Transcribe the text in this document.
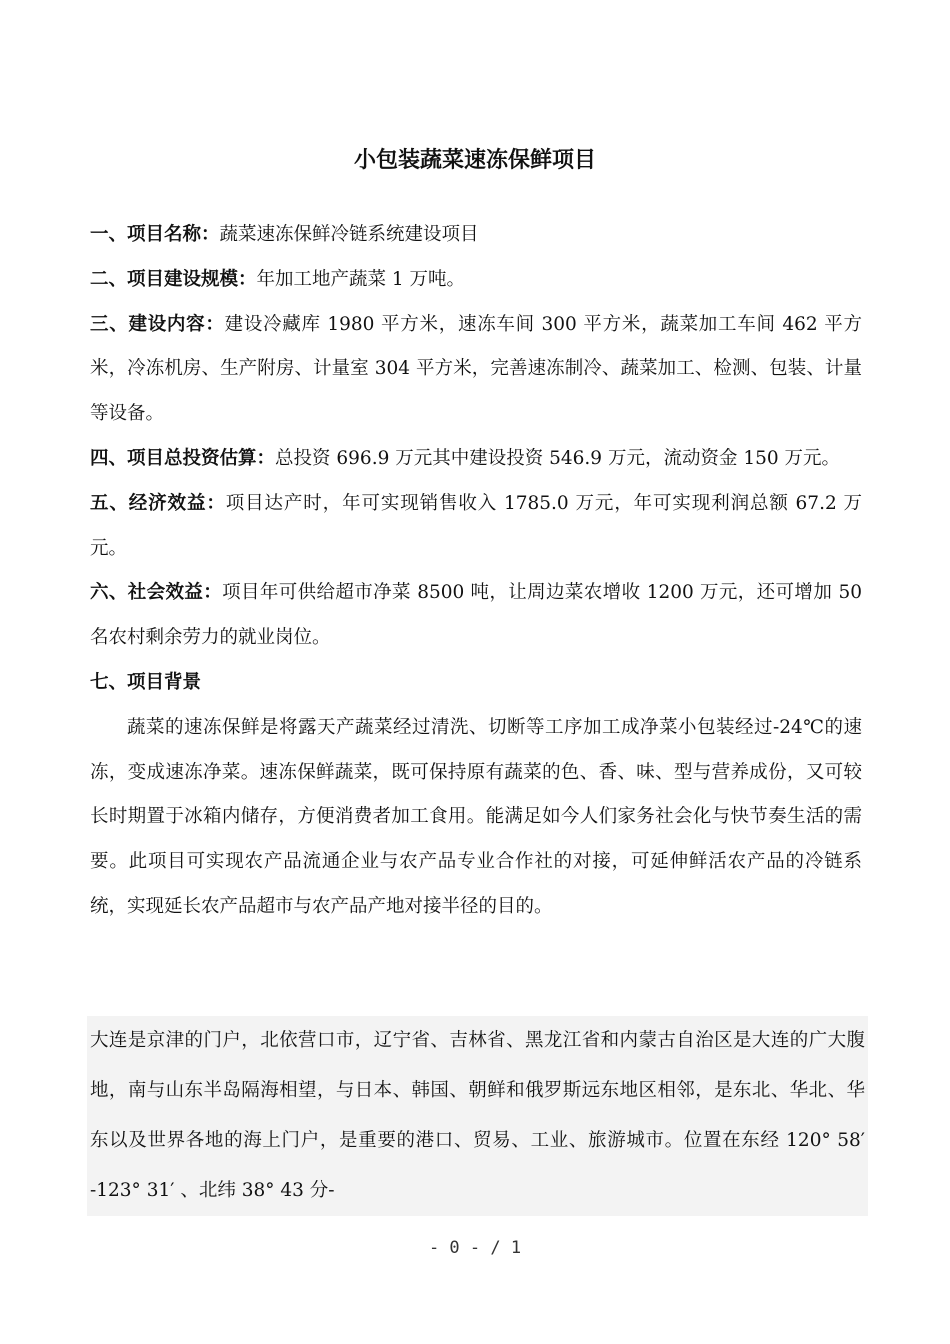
小包装蔬菜速冻保鲜项目

一、项目名称：蔬菜速冻保鲜冷链系统建设项目

二、项目建设规模：年加工地产蔬菜 1 万吨。

三、建设内容：建设冷藏库 1980 平方米，速冻车间 300 平方米，蔬菜加工车间 462 平方米，冷冻机房、生产附房、计量室 304 平方米，完善速冻制冷、蔬菜加工、检测、包装、计量等设备。

四、项目总投资估算：总投资 696.9 万元其中建设投资 546.9 万元，流动资金 150 万元。

五、经济效益：项目达产时，年可实现销售收入 1785.0 万元，年可实现利润总额 67.2 万元。

六、社会效益：项目年可供给超市净菜 8500 吨，让周边菜农增收 1200 万元，还可增加 50 名农村剩余劳力的就业岗位。

七、项目背景

蔬菜的速冻保鲜是将露天产蔬菜经过清洗、切断等工序加工成净菜小包装经过-24℃的速冻，变成速冻净菜。速冻保鲜蔬菜，既可保持原有蔬菜的色、香、味、型与营养成份，又可较长时期置于冰箱内储存，方便消费者加工食用。能满足如今人们家务社会化与快节奏生活的需要。此项目可实现农产品流通企业与农产品专业合作社的对接，可延伸鲜活农产品的冷链系统，实现延长农产品超市与农产品产地对接半径的目的。

大连是京津的门户，北依营口市，辽宁省、吉林省、黑龙江省和内蒙古自治区是大连的广大腹地，南与山东半岛隔海相望，与日本、韩国、朝鲜和俄罗斯远东地区相邻，是东北、华北、华东以及世界各地的海上门户，是重要的港口、贸易、工业、旅游城市。位置在东经 120° 58′ -123° 31′ 、北纬 38° 43 分-
- 0 - / 1
